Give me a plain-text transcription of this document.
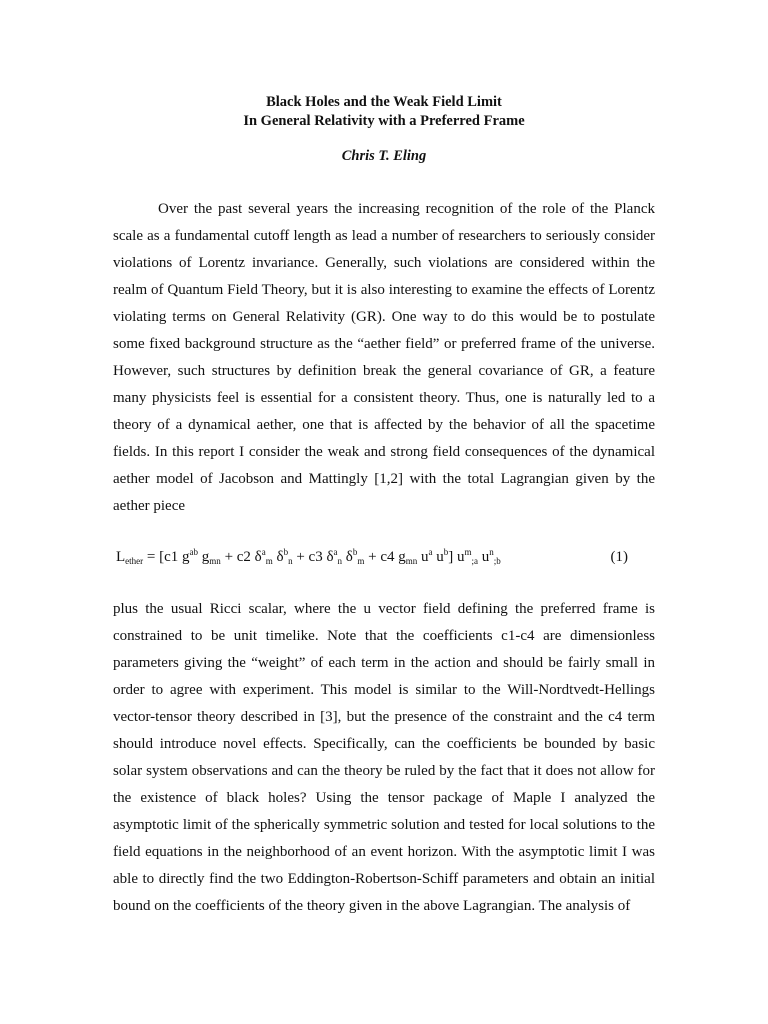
Black Holes and the Weak Field Limit
In General Relativity with a Preferred Frame
Chris T. Eling

Over the past several years the increasing recognition of the role of the Planck scale as a fundamental cutoff length as lead a number of researchers to seriously consider violations of Lorentz invariance. Generally, such violations are considered within the realm of Quantum Field Theory, but it is also interesting to examine the effects of Lorentz violating terms on General Relativity (GR). One way to do this would be to postulate some fixed background structure as the “aether field” or preferred frame of the universe. However, such structures by definition break the general covariance of GR, a feature many physicists feel is essential for a consistent theory. Thus, one is naturally led to a theory of a dynamical aether, one that is affected by the behavior of all the spacetime fields. In this report I consider the weak and strong field consequences of the dynamical aether model of Jacobson and Mattingly [1,2] with the total Lagrangian given by the aether piece

$L_{ether} = [c1$ $g^{ab}$ $g_{mn} + c2$ $\delta^a_m$ $\delta^b_n + c3$ $\delta^a_n$ $\delta^b_m + c4$ $g_{mn}$ $u^a$ $u^b$] $u^m_{;a}$ $u^n_{;b}$	(1)

plus the usual Ricci scalar, where the u vector field defining the preferred frame is constrained to be unit timelike. Note that the coefficients c1-c4 are dimensionless parameters giving the “weight” of each term in the action and should be fairly small in order to agree with experiment. This model is similar to the Will-Nordtvedt-Hellings vector-tensor theory described in [3], but the presence of the constraint and the c4 term should introduce novel effects. Specifically, can the coefficients be bounded by basic solar system observations and can the theory be ruled by the fact that it does not allow for the existence of black holes? Using the tensor package of Maple I analyzed the asymptotic limit of the spherically symmetric solution and tested for local solutions to the field equations in the neighborhood of an event horizon. With the asymptotic limit I was able to directly find the two Eddington-Robertson-Schiff parameters and obtain an initial bound on the coefficients of the theory given in the above Lagrangian. The analysis of
